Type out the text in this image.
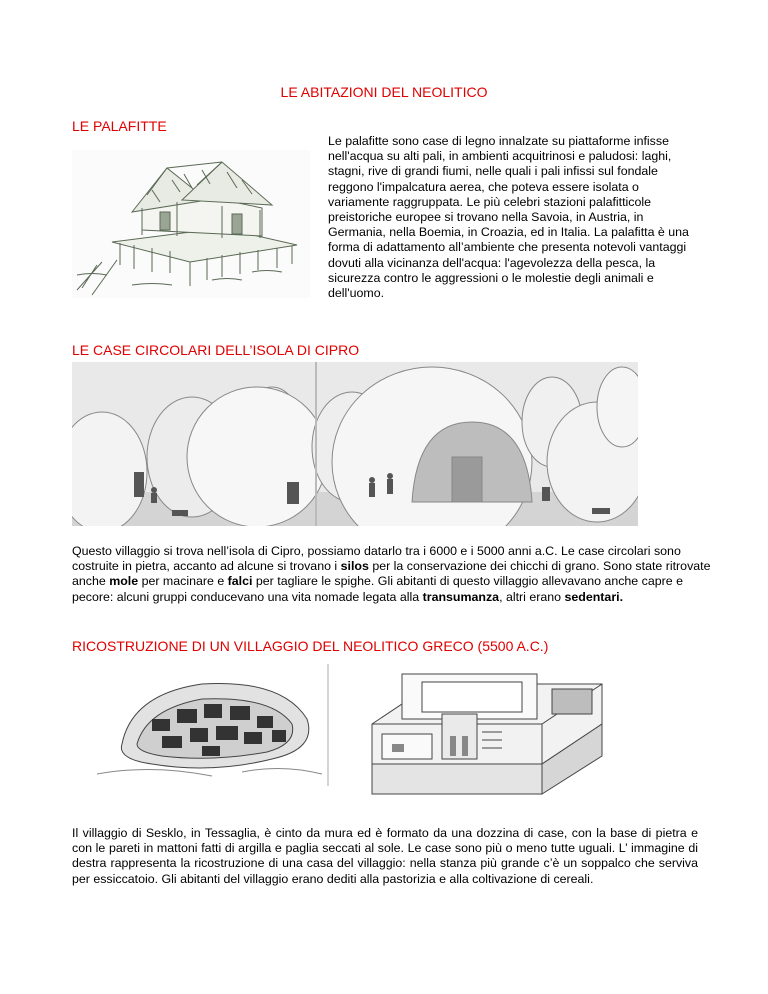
LE ABITAZIONI DEL NEOLITICO
LE PALAFITTE
Le palafitte sono case di legno innalzate su piattaforme infisse nell'acqua su alti pali, in ambienti acquitrinosi e paludosi: laghi, stagni, rive di grandi fiumi, nelle quali i pali infissi sul fondale reggono l'impalcatura aerea, che poteva essere isolata o variamente raggruppata. Le più celebri stazioni palafitticole preistoriche europee si trovano nella Savoia, in Austria, in Germania, nella Boemia, in Croazia, ed in Italia. La palafitta è una forma di adattamento all’ambiente che presenta notevoli vantaggi dovuti alla vicinanza dell'acqua: l'agevolezza della pesca, la sicurezza contro le aggressioni o le molestie degli animali e dell'uomo.
LE CASE CIRCOLARI DELL’ISOLA DI CIPRO
Questo villaggio si trova nell’isola di Cipro, possiamo datarlo tra i 6000 e i 5000 anni a.C. Le case circolari sono costruite in pietra, accanto ad alcune si trovano i silos per la conservazione dei chicchi di grano. Sono state ritrovate anche mole per macinare e falci per tagliare le spighe. Gli abitanti di questo villaggio allevavano anche capre e pecore: alcuni gruppi conducevano una vita nomade legata alla transumanza, altri erano sedentari.
RICOSTRUZIONE DI UN VILLAGGIO DEL NEOLITICO GRECO (5500 A.C.)
Il villaggio di Sesklo, in Tessaglia, è cinto da mura ed è formato da una dozzina di case, con la base di pietra e con le pareti in mattoni fatti di argilla e paglia seccati al sole. Le case sono più o meno tutte uguali. L’ immagine di destra rappresenta la ricostruzione di una casa del villaggio: nella stanza più grande c’è un soppalco che serviva per essiccatoio. Gli abitanti del villaggio erano dediti alla pastorizia e alla coltivazione di cereali.
